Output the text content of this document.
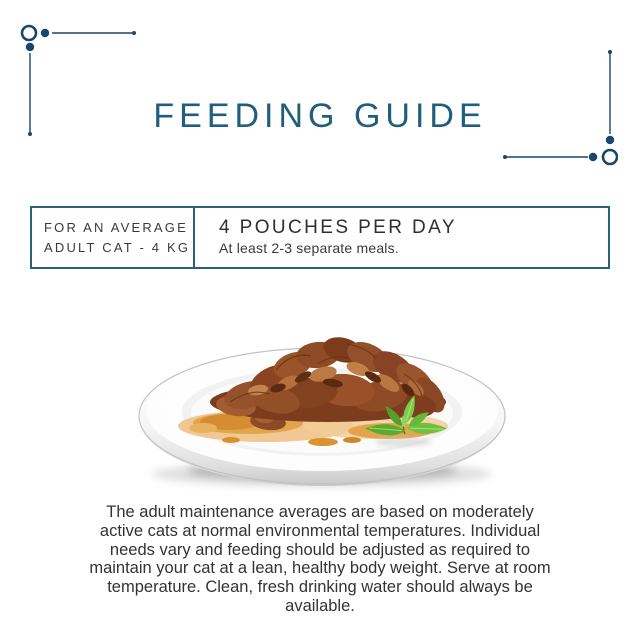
FEEDING GUIDE
FOR AN AVERAGE
ADULT CAT - 4 KG
4 POUCHES PER DAY
At least 2-3 separate meals.
The adult maintenance averages are based on moderately
active cats at normal environmental temperatures. Individual
needs vary and feeding should be adjusted as required to
maintain your cat at a lean, healthy body weight. Serve at room
temperature. Clean, fresh drinking water should always be
available.
